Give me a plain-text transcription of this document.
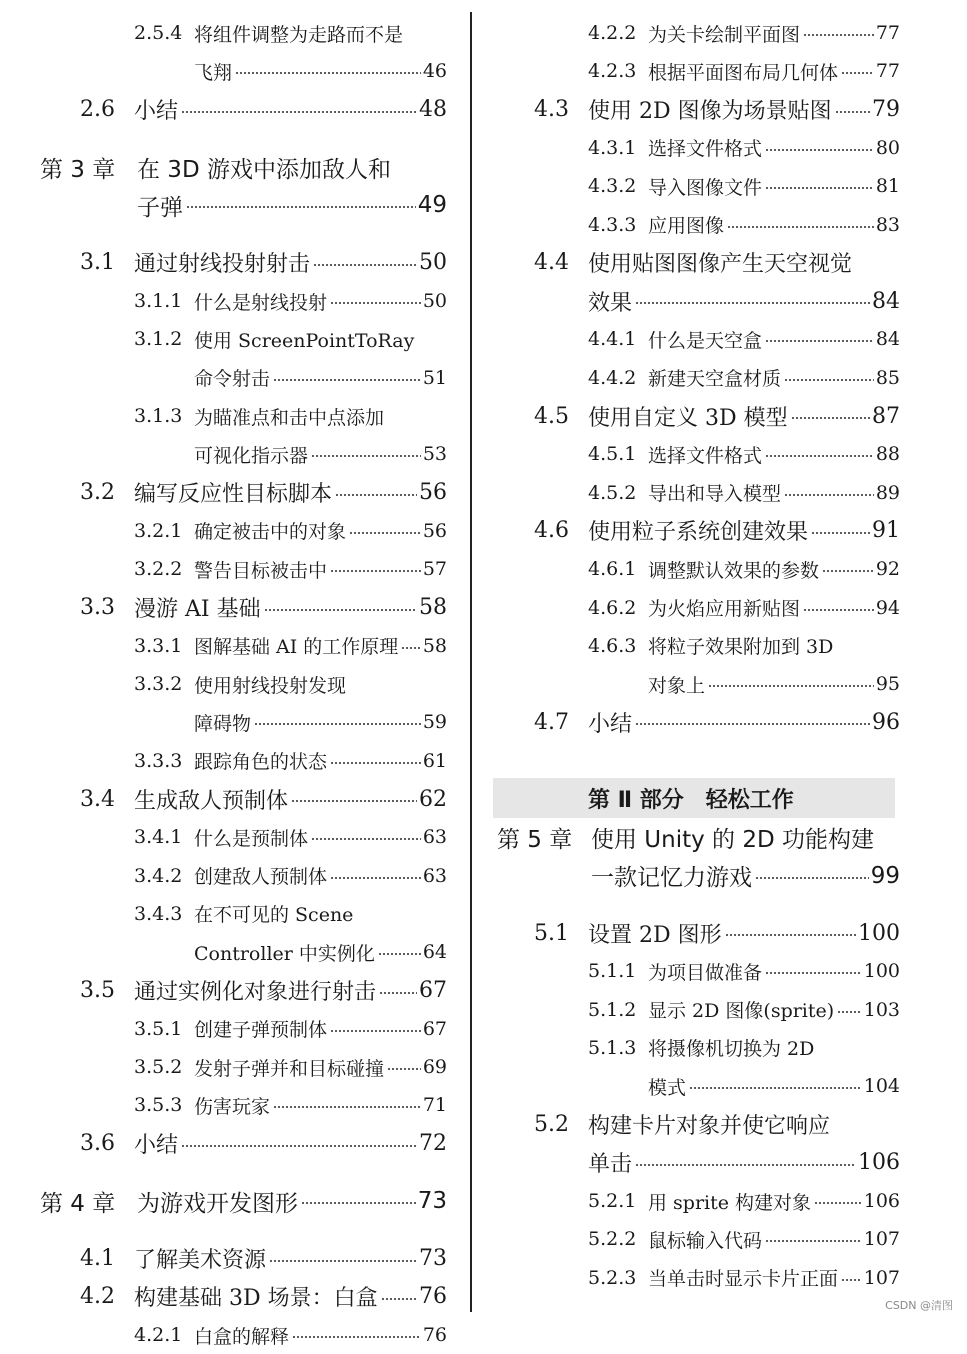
2.5.4 将组件调整为走路而不是
飞翔	46
2.6 小结	48
第 3 章 在 3D 游戏中添加敌人和
子弹	49
3.1 通过射线投射射击	50
3.1.1 什么是射线投射	50
3.1.2 使用 ScreenPointToRay
命令射击	51
3.1.3 为瞄准点和击中点添加
可视化指示器	53
3.2 编写反应性目标脚本	56
3.2.1 确定被击中的对象	56
3.2.2 警告目标被击中	57
3.3 漫游 AI 基础	58
3.3.1 图解基础 AI 的工作原理	58
3.3.2 使用射线投射发现
障碍物	59
3.3.3 跟踪角色的状态	61
3.4 生成敌人预制体	62
3.4.1 什么是预制体	63
3.4.2 创建敌人预制体	63
3.4.3 在不可见的 Scene
Controller 中实例化	64
3.5 通过实例化对象进行射击	67
3.5.1 创建子弹预制体	67
3.5.2 发射子弹并和目标碰撞	69
3.5.3 伤害玩家	71
3.6 小结	72
第 4 章 为游戏开发图形	73
4.1 了解美术资源	73
4.2 构建基础 3D 场景：白盒	76
4.2.1 白盒的解释	76
4.2.2 为关卡绘制平面图	77
4.2.3 根据平面图布局几何体	77
4.3 使用 2D 图像为场景贴图	79
4.3.1 选择文件格式	80
4.3.2 导入图像文件	81
4.3.3 应用图像	83
4.4 使用贴图图像产生天空视觉
效果	84
4.4.1 什么是天空盒	84
4.4.2 新建天空盒材质	85
4.5 使用自定义 3D 模型	87
4.5.1 选择文件格式	88
4.5.2 导出和导入模型	89
4.6 使用粒子系统创建效果	91
4.6.1 调整默认效果的参数	92
4.6.2 为火焰应用新贴图	94
4.6.3 将粒子效果附加到 3D
对象上	95
4.7 小结	96
第 5 章 使用 Unity 的 2D 功能构建
一款记忆力游戏	99
5.1 设置 2D 图形	100
5.1.1 为项目做准备	100
5.1.2 显示 2D 图像(sprite)	103
5.1.3 将摄像机切换为 2D
模式	104
5.2 构建卡片对象并使它响应
单击	106
5.2.1 用 sprite 构建对象	106
5.2.2 鼠标输入代码	107
5.2.3 当单击时显示卡片正面	107
CSDN @清图
第 Ⅱ 部分　轻松工作
